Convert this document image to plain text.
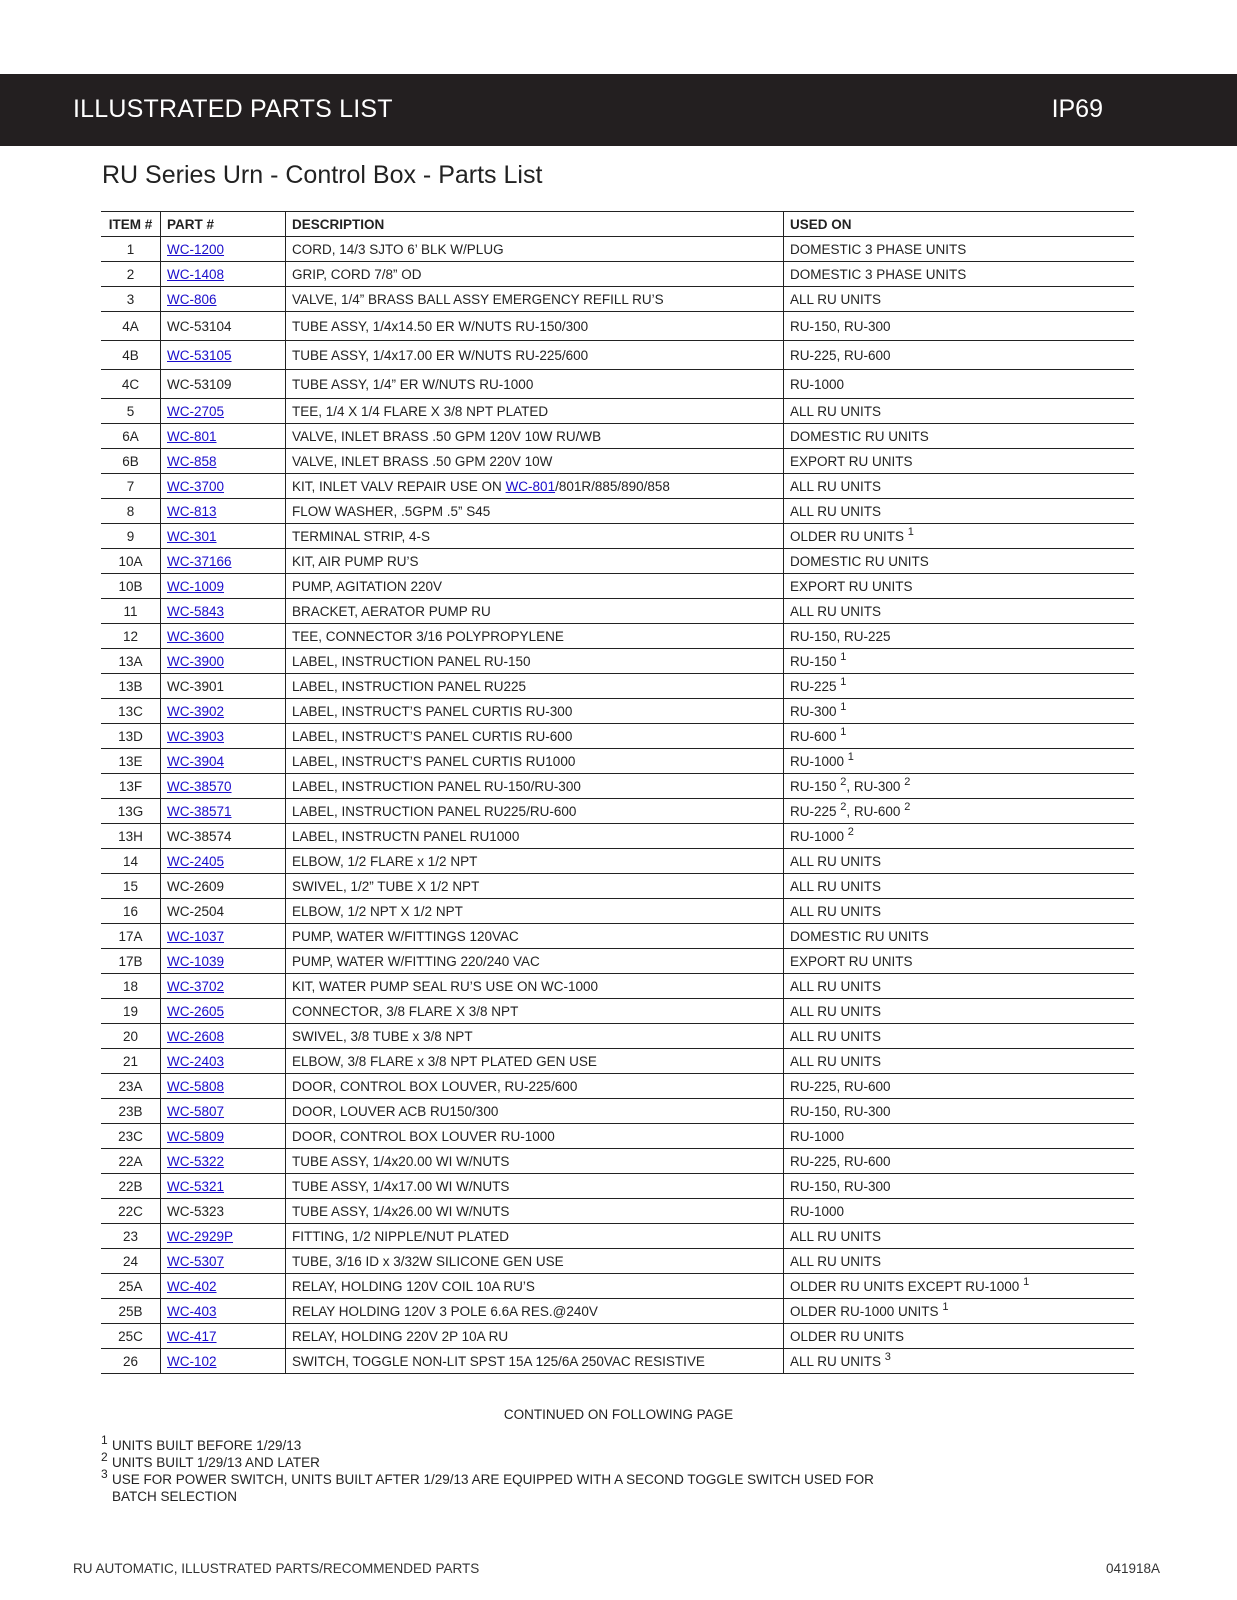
ILLUSTRATED PARTS LIST	IP69
RU Series Urn - Control Box - Parts List
ITEM #	PART #	DESCRIPTION	USED ON
1	WC-1200	CORD, 14/3 SJTO 6’ BLK W/PLUG	DOMESTIC 3 PHASE UNITS
2	WC-1408	GRIP, CORD 7/8” OD	DOMESTIC 3 PHASE UNITS
3	WC-806	VALVE, 1/4” BRASS BALL ASSY EMERGENCY REFILL RU’S	ALL RU UNITS
4A	WC-53104	TUBE ASSY, 1/4x14.50 ER W/NUTS RU-150/300	RU-150, RU-300
4B	WC-53105	TUBE ASSY, 1/4x17.00 ER W/NUTS RU-225/600	RU-225, RU-600
4C	WC-53109	TUBE ASSY, 1/4” ER W/NUTS RU-1000	RU-1000
5	WC-2705	TEE, 1/4 X 1/4 FLARE X 3/8 NPT PLATED	ALL RU UNITS
6A	WC-801	VALVE, INLET BRASS .50 GPM 120V 10W RU/WB	DOMESTIC RU UNITS
6B	WC-858	VALVE, INLET BRASS .50 GPM 220V 10W	EXPORT RU UNITS
7	WC-3700	KIT, INLET VALV REPAIR USE ON WC-801/801R/885/890/858	ALL RU UNITS
8	WC-813	FLOW WASHER, .5GPM .5” S45	ALL RU UNITS
9	WC-301	TERMINAL STRIP, 4-S	OLDER RU UNITS $^1$
10A	WC-37166	KIT, AIR PUMP RU’S	DOMESTIC RU UNITS
10B	WC-1009	PUMP, AGITATION 220V	EXPORT RU UNITS
11	WC-5843	BRACKET, AERATOR PUMP RU	ALL RU UNITS
12	WC-3600	TEE, CONNECTOR 3/16 POLYPROPYLENE	RU-150, RU-225
13A	WC-3900	LABEL, INSTRUCTION PANEL RU-150	RU-150 $^1$
13B	WC-3901	LABEL, INSTRUCTION PANEL RU225	RU-225 $^1$
13C	WC-3902	LABEL, INSTRUCT’S PANEL CURTIS RU-300	RU-300 $^1$
13D	WC-3903	LABEL, INSTRUCT’S PANEL CURTIS RU-600	RU-600 $^1$
13E	WC-3904	LABEL, INSTRUCT’S PANEL CURTIS RU1000	RU-1000 $^1$
13F	WC-38570	LABEL, INSTRUCTION PANEL RU-150/RU-300	RU-150 $^2$, RU-300 $^2$
13G	WC-38571	LABEL, INSTRUCTION PANEL RU225/RU-600	RU-225 $^2$, RU-600 $^2$
13H	WC-38574	LABEL, INSTRUCTN PANEL RU1000	RU-1000 $^2$
14	WC-2405	ELBOW, 1/2 FLARE x 1/2 NPT	ALL RU UNITS
15	WC-2609	SWIVEL, 1/2” TUBE X 1/2 NPT	ALL RU UNITS
16	WC-2504	ELBOW, 1/2 NPT X 1/2 NPT	ALL RU UNITS
17A	WC-1037	PUMP, WATER W/FITTINGS 120VAC	DOMESTIC RU UNITS
17B	WC-1039	PUMP, WATER W/FITTING 220/240 VAC	EXPORT RU UNITS
18	WC-3702	KIT, WATER PUMP SEAL RU’S USE ON WC-1000	ALL RU UNITS
19	WC-2605	CONNECTOR, 3/8 FLARE X 3/8 NPT	ALL RU UNITS
20	WC-2608	SWIVEL, 3/8 TUBE x 3/8 NPT	ALL RU UNITS
21	WC-2403	ELBOW, 3/8 FLARE x 3/8 NPT PLATED GEN USE	ALL RU UNITS
23A	WC-5808	DOOR, CONTROL BOX LOUVER, RU-225/600	RU-225, RU-600
23B	WC-5807	DOOR, LOUVER ACB RU150/300	RU-150, RU-300
23C	WC-5809	DOOR, CONTROL BOX LOUVER RU-1000	RU-1000
22A	WC-5322	TUBE ASSY, 1/4x20.00 WI W/NUTS	RU-225, RU-600
22B	WC-5321	TUBE ASSY, 1/4x17.00 WI W/NUTS	RU-150, RU-300
22C	WC-5323	TUBE ASSY, 1/4x26.00 WI W/NUTS	RU-1000
23	WC-2929P	FITTING, 1/2 NIPPLE/NUT PLATED	ALL RU UNITS
24	WC-5307	TUBE, 3/16 ID x 3/32W SILICONE GEN USE	ALL RU UNITS
25A	WC-402	RELAY, HOLDING 120V COIL 10A RU’S	OLDER RU UNITS EXCEPT RU-1000 $^1$
25B	WC-403	RELAY HOLDING 120V 3 POLE 6.6A RES.@240V	OLDER RU-1000 UNITS $^1$
25C	WC-417	RELAY, HOLDING 220V 2P 10A RU	OLDER RU UNITS
26	WC-102	SWITCH, TOGGLE NON-LIT SPST 15A 125/6A 250VAC RESISTIVE	ALL RU UNITS $^3$
CONTINUED ON FOLLOWING PAGE
1 UNITS BUILT BEFORE 1/29/13
2 UNITS BUILT 1/29/13 AND LATER
3 USE FOR POWER SWITCH, UNITS BUILT AFTER 1/29/13 ARE EQUIPPED WITH A SECOND TOGGLE SWITCH USED FOR
BATCH SELECTION
RU AUTOMATIC, ILLUSTRATED PARTS/RECOMMENDED PARTS	041918A
